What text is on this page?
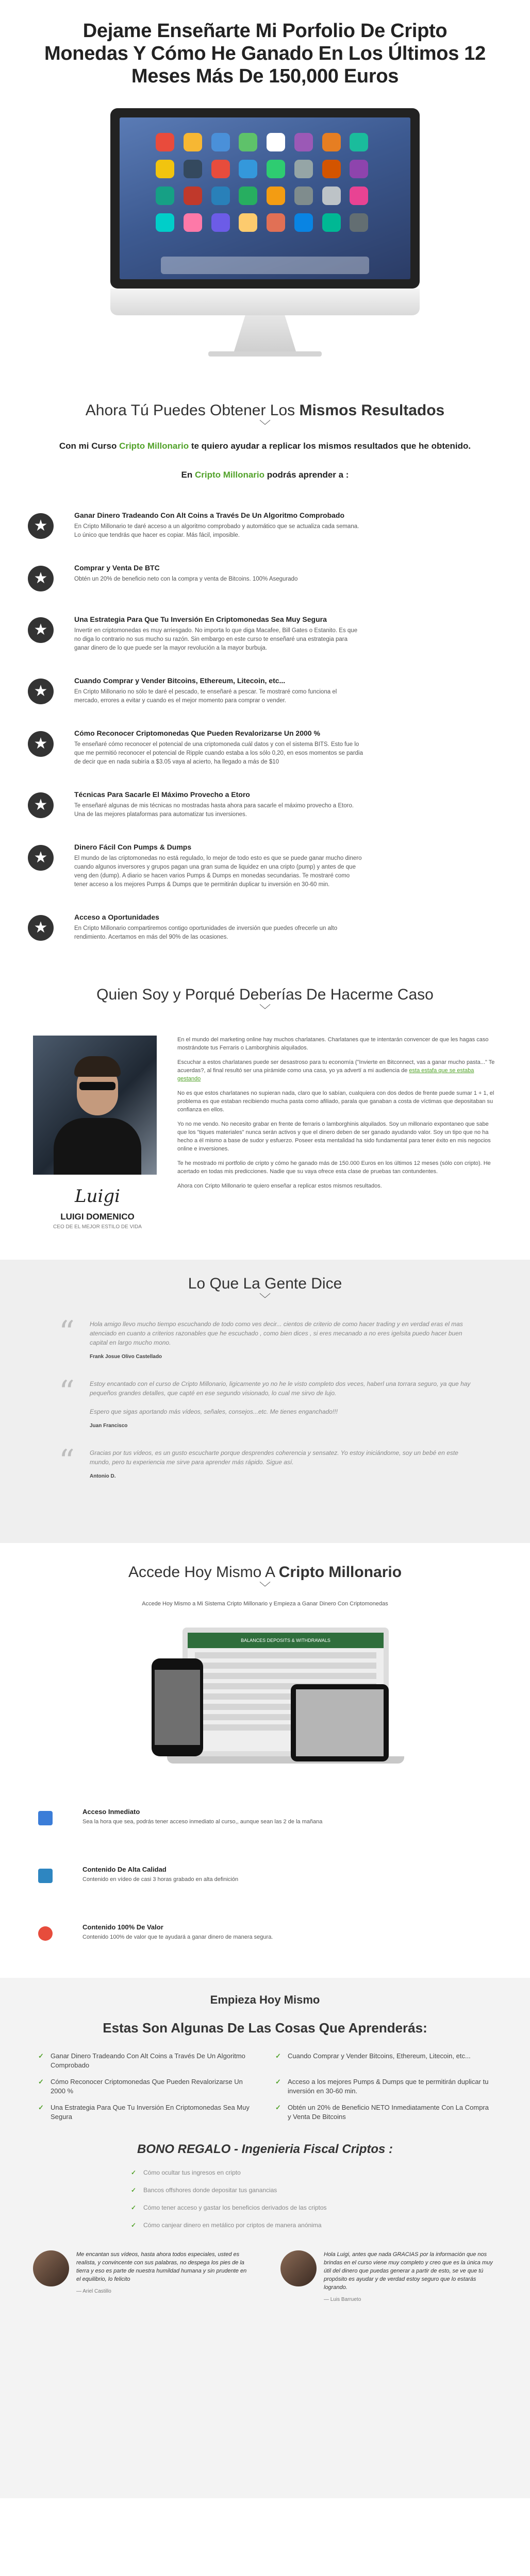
Dejame Enseñarte Mi Porfolio De Cripto Monedas Y Cómo He Ganado En Los Últimos 12 Meses Más De 150,000 Euros
Ahora Tú Puedes Obtener Los Mismos Resultados
﹀

Con mi Curso Cripto Millonario te quiero ayudar a replicar los mismos resultados que he obtenido.

En Cripto Millonario podrás aprender a :

★
Ganar Dinero Tradeando Con Alt Coins a Través De Un Algoritmo Comprobado

En Cripto Millonario te daré acceso a un algoritmo comprobado y automático que se actualiza cada semana. Lo único que tendrás que hacer es copiar. Más fácil, imposible.

★
Comprar y Venta De BTC

Obtén un 20% de beneficio neto con la compra y venta de Bitcoins. 100% Asegurado

★
Una Estrategia Para Que Tu Inversión En Criptomonedas Sea Muy Segura

Invertir en criptomonedas es muy arriesgado. No importa lo que diga Macafee, Bill Gates o Estanito. Es que no diga lo contrario no sus mucho su razón. Sin embargo en este curso te enseñaré una estrategia para ganar dinero de lo que puede ser la mayor revolución a la mayor burbuja.

★
Cuando Comprar y Vender Bitcoins, Ethereum, Litecoin, etc...

En Cripto Millonario no sólo te daré el pescado, te enseñaré a pescar. Te mostraré como funciona el mercado, errores a evitar y cuando es el mejor momento para comprar o vender.

★
Cómo Reconocer Criptomonedas Que Pueden Revalorizarse Un 2000 %

Te enseñaré cómo reconocer el potencial de una criptomoneda cuál datos y con el sistema BITS. Esto fue lo que me permitió reconocer el potencial de Ripple cuando estaba a los sólo 0,20, en esos momentos se pardia de decir que en nada subiría a $3.05 vaya al acierto, ha llegado a más de $10

★
Técnicas Para Sacarle El Máximo Provecho a Etoro

Te enseñaré algunas de mis técnicas no mostradas hasta ahora para sacarle el máximo provecho a Etoro. Una de las mejores plataformas para automatizar tus inversiones.

★
Dinero Fácil Con Pumps & Dumps

El mundo de las criptomonedas no está regulado, lo mejor de todo esto es que se puede ganar mucho dinero cuando algunos inversores y grupos pagan una gran suma de liquidez en una cripto (pump) y antes de que veng den (dump). A diario se hacen varios Pumps & Dumps en monedas secundarias. Te mostraré como tener acceso a los mejores Pumps & Dumps que te permitirán duplicar tu inversión en 30-60 min.

★
Acceso a Oportunidades

En Cripto Millonario compartiremos contigo oportunidades de inversión que puedes ofrecerle un alto rendimiento. Acertamos en más del 90% de las ocasiones.

Quien Soy y Porqué Deberías De Hacerme Caso
﹀
Luigi
LUIGI DOMENICO
CEO DE EL MEJOR ESTILO DE VIDA

En el mundo del marketing online hay muchos charlatanes. Charlatanes que te intentarán convencer de que les hagas caso mostrándote tus Ferraris o Lamborghinis alquilados.

Escuchar a estos charlatanes puede ser desastroso para tu economía ("Invierte en Bitconnect, vas a ganar mucho pasta..." Te acuerdas?, al final resultó ser una pirámide como una casa, yo ya advertí a mi audiencia de esta estafa que se estaba gestando

No es que estos charlatanes no supieran nada, claro que lo sabían, cualquiera con dos dedos de frente puede sumar 1 + 1, el problema es que estaban recibiendo mucha pasta como afiliado, parala que ganaban a costa de víctimas que depositaban su confianza en ellos.

Yo no me vendo. No necesito grabar en frente de ferraris o lamborghinis alquilados. Soy un millonario expontaneo que sabe que los "tiques materiales" nunca serán activos y que el dinero deben de ser ganado ayudando valor. Soy un tipo que no ha hecho a él mismo a base de sudor y esfuerzo. Poseer esta mentalidad ha sido fundamental para tener éxito en mis negocios online e inversiones.

Te he mostrado mi portfolio de cripto y cómo he ganado más de 150.000 Euros en los últimos 12 meses (sólo con cripto). He acertado en todas mis predicciones. Nadie que su vaya ofrece esta clase de pruebas tan contundentes.

Ahora con Cripto Millonario te quiero enseñar a replicar estos mismos resultados.

Lo Que La Gente Dice
﹀
“	Hola amigo llevo mucho tiempo escuchando de todo como ves decir... cientos de criterio de como hacer trading y en verdad eras el mas atenciado en cuanto a criterios razonables que he escuchado , como bien dices , si eres mecanado a no eres igelsita puedo hacer buen capital en largo mucho mono.

Frank Josue Olivo Castellado

“	Estoy encantado con el curso de Cripto Millonario, ligicamente yo no he le visto completo dos veces, haberl una torrara seguro, ya que hay pequeños grandes detalles, que capté en ese segundo visionado, lo cual me sirvo de lujo.

Espero que sigas aportando más vídeos, señales, consejos...etc. Me tienes enganchado!!!

Juan Francisco

“	Gracias por tus vídeos, es un gusto escucharte porque desprendes coherencia y sensatez. Yo estoy iniciándome, soy un bebé en este mundo, pero tu experiencia me sirve para aprender más rápido. Sigue así.

Antonio D.

Accede Hoy Mismo A Cripto Millonario
﹀

Accede Hoy Mismo a Mi Sistema Cripto Millonario y Empieza a Ganar Dinero Con Criptomonedas

BALANCES DEPOSITS & WITHDRAWALS
Acceso Inmediato

Sea la hora que sea, podrás tener acceso inmediato al curso,, aunque sean las 2 de la mañana

Contenido De Alta Calidad

Contenido en vídeo de casi 3 horas grabado en alta definición

Contenido 100% De Valor

Contenido 100% de valor que te ayudará a ganar dinero de manera segura.

Empieza Hoy Mismo
Estas Son Algunas De Las Cosas Que Aprenderás:
✓	Ganar Dinero Tradeando Con Alt Coins a Través De Un Algoritmo Comprobado
✓	Cuando Comprar y Vender Bitcoins, Ethereum, Litecoin, etc...
✓	Cómo Reconocer Criptomonedas Que Pueden Revalorizarse Un 2000 %
✓	Acceso a los mejores Pumps & Dumps que te permitirán duplicar tu inversión en 30-60 min.
✓	Una Estrategia Para Que Tu Inversión En Criptomonedas Sea Muy Segura
✓	Obtén un 20% de Beneficio NETO Inmediatamente Con La Compra y Venta De Bitcoins
BONO REGALO - Ingenieria Fiscal Criptos :
✓	Cómo ocultar tus ingresos en cripto
✓	Bancos offshores donde depositar tus ganancias
✓	Cómo tener acceso y gastar los beneficios derivados de las criptos
✓	Cómo canjear dinero en metálico por criptos de manera anónima

Me encantan sus vídeos, hasta ahora todos especiales, usted es realista, y convincente con sus palabras, no despega los pies de la tierra y eso es parte de nuestra humildad humana y sin prudente en el equilibrio, lo felicito

— Ariel Castillo

Hola Luigi, antes que nada GRACIAS por la información que nos brindas en el curso viene muy completo y creo que es la única muy útil del dinero que puedas generar a partir de esto, se ve que tú propósito es ayudar y de verdad estoy seguro que lo estarás logrando.

— Luis Barrueto
